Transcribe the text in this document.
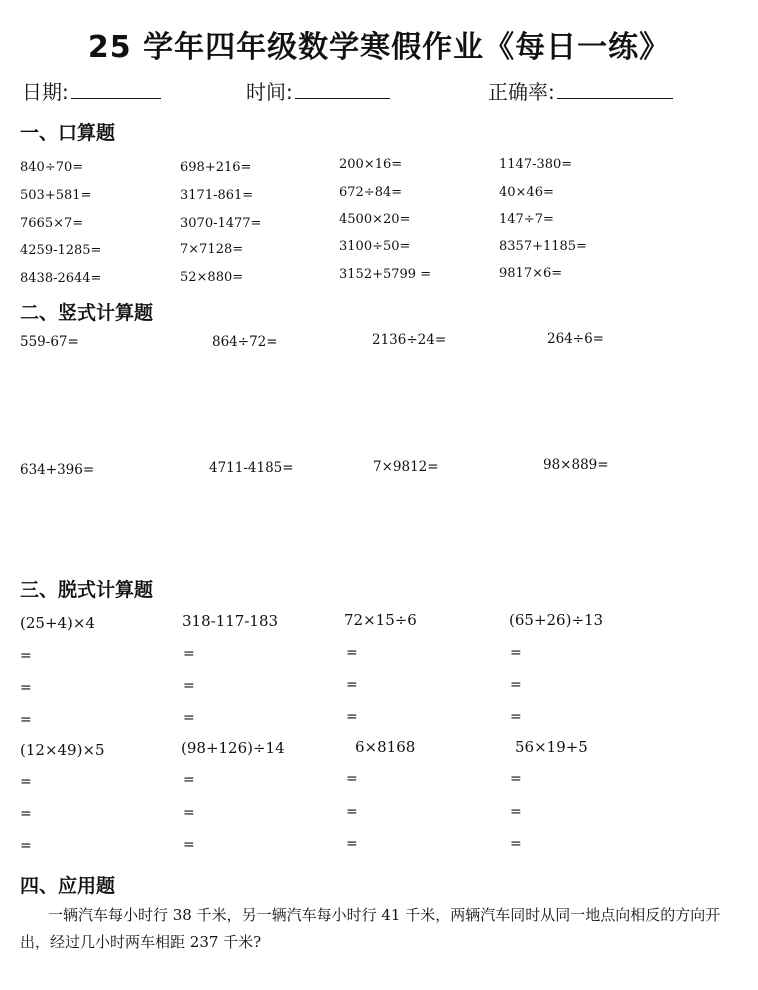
25 学年四年级数学寒假作业《每日一练》
日期:	时间:	正确率:
一、口算题
840÷70=	698+216=	200×16=	1147-380=
503+581=	3171-861=	672÷84=	40×46=
7665×7=	3070-1477=	4500×20=	147÷7=
4259-1285=	7×7128=	3100÷50=	8357+1185=
8438-2644=	52×880=	3152+5799 =	9817×6=
二、竖式计算题
559-67=	864÷72=	2136÷24=	264÷6=
634+396=	4711-4185=	7×9812=	98×889=
三、脱式计算题
(25+4)×4	318-117-183	72×15÷6	(65+26)÷13
=	=	=	=
=	=	=	=
=	=	=	=
(12×49)×5	(98+126)÷14	6×8168	56×19+5
=	=	=	=
=	=	=	=
=	=	=	=
四、应用题
一辆汽车每小时行 38 千米，另一辆汽车每小时行 41 千米，两辆汽车同时从同一地点向相反的方向开出，经过几小时两车相距 237 千米?
